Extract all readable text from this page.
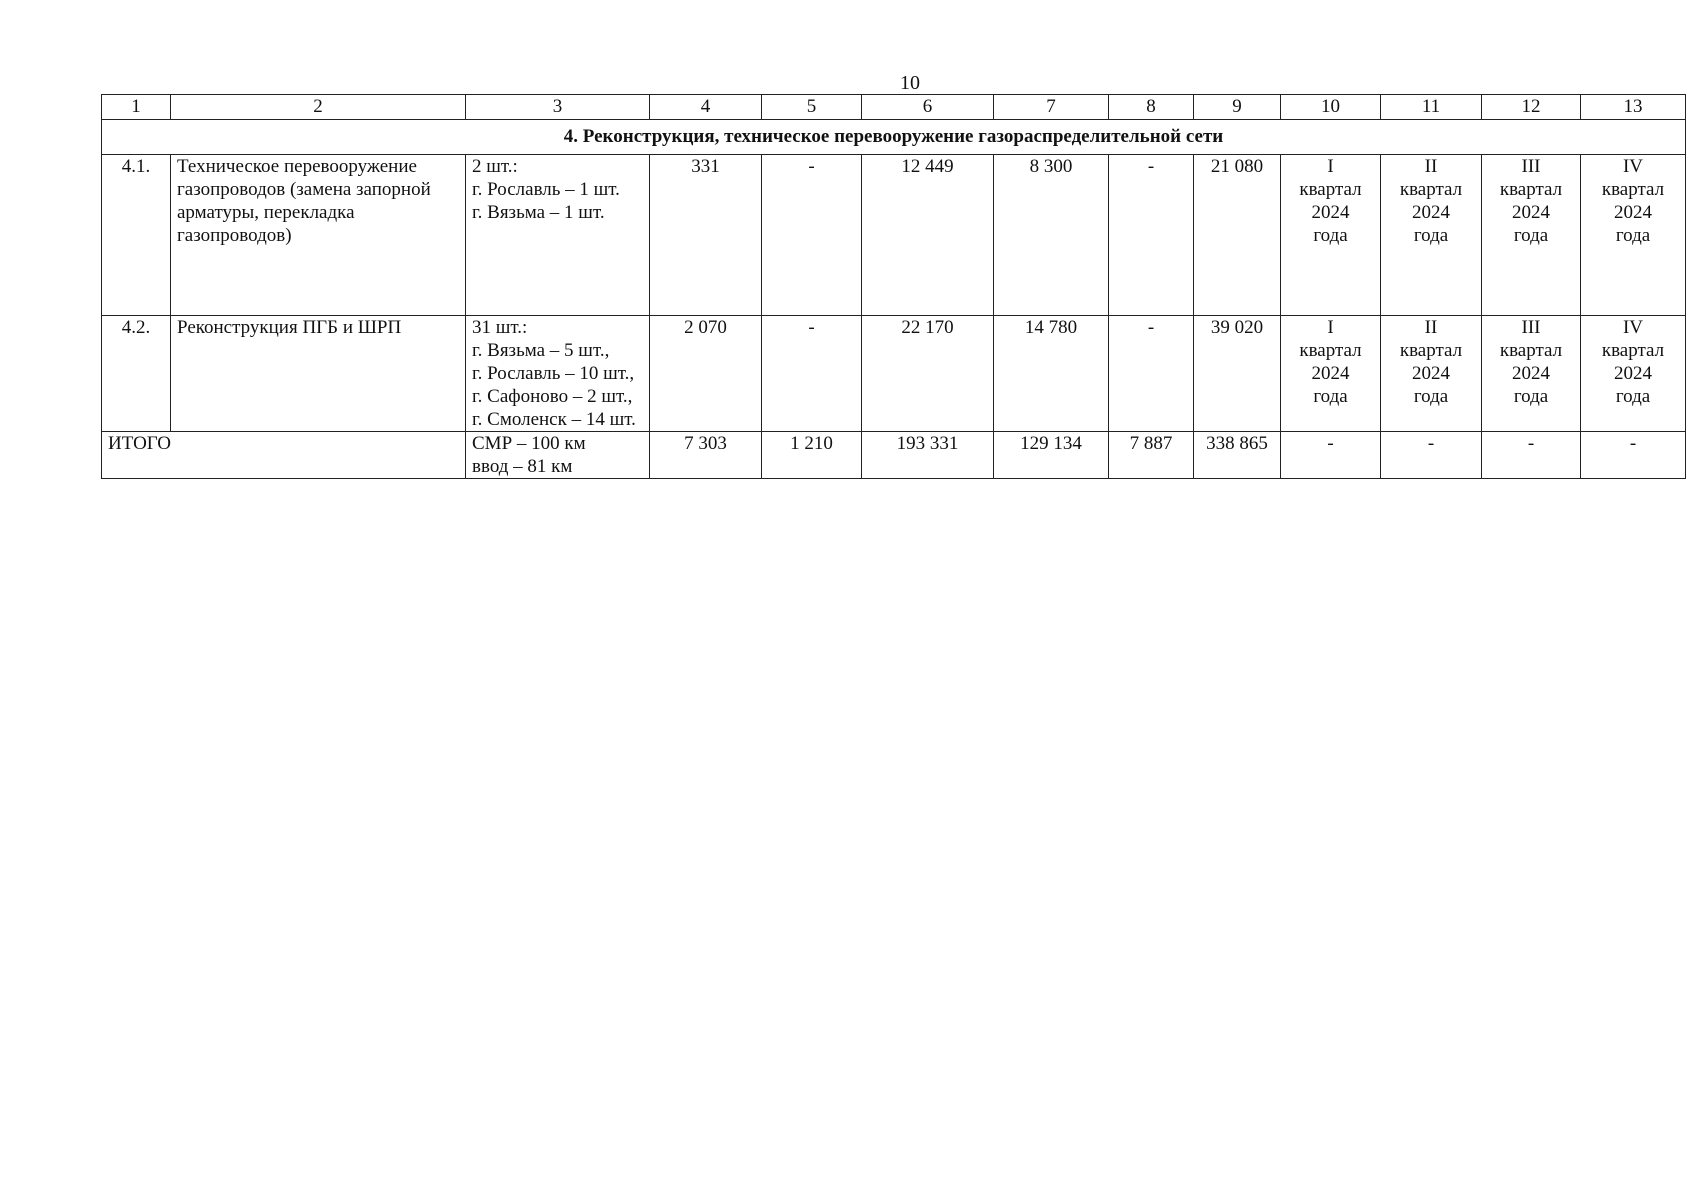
10
1	2	3	4	5	6	7	8	9	10	11	12	13
4. Реконструкция, техническое перевооружение газораспределительной сети												
4.1.	Техническое перевооружение газопроводов (замена запорной арматуры, перекладка газопроводов)	2 шт.:
г. Рославль – 1 шт.
г. Вязьма – 1 шт.	331	-	12 449	8 300	-	21 080	I
квартал
2024
года	II
квартал
2024
года	III
квартал
2024
года	IV
квартал
2024
года
4.2.	Реконструкция ПГБ и ШРП	31 шт.:
г. Вязьма – 5 шт.,
г. Рославль – 10 шт.,
г. Сафоново – 2 шт.,
г. Смоленск – 14 шт.	2 070	-	22 170	14 780	-	39 020	I
квартал
2024
года	II
квартал
2024
года	III
квартал
2024
года	IV
квартал
2024
года
ИТОГО		СМР – 100 км
ввод – 81 км	7 303	1 210	193 331	129 134	7 887	338 865	-	-	-	-
